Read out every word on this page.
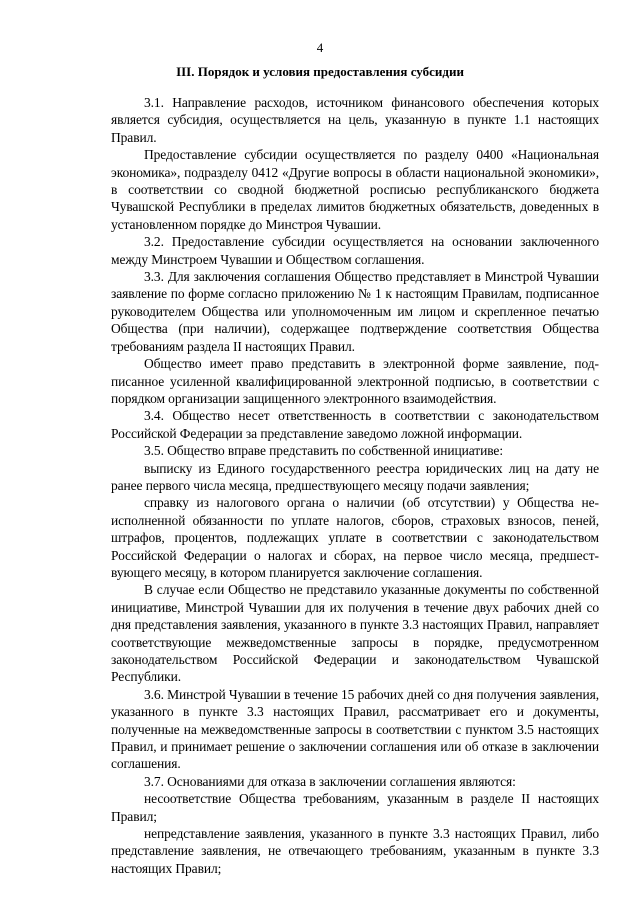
4
III. Порядок и условия предоставления субсидии

3.1. Направление расходов, источником финансового обеспечения которых является субсидия, осуществляется на цель, указанную в пункте 1.1 настоящих Правил.

Предоставление субсидии осуществляется по разделу 0400 «Национальная экономика», подразделу 0412 «Другие вопросы в области национальной экономики», в соответствии со сводной бюджетной росписью республиканского бюджета Чувашской Республики в пределах лимитов бюджетных обязательств, доведенных в установленном порядке до Минстроя Чувашии.

3.2. Предоставление субсидии осуществляется на основании заключенного между Минстроем Чувашии и Обществом соглашения.

3.3. Для заключения соглашения Общество представляет в Минстрой Чувашии заявление по форме согласно приложению № 1 к настоящим Правилам, подписанное руководителем Общества или уполномоченным им лицом и скрепленное печатью Общества (при наличии), содержащее подтверждение соответствия Общества требованиям раздела II настоящих Правил.

Общество имеет право представить в электронной форме заявление, подписанное усиленной квалифицированной электронной подписью, в соответствии с порядком организации защищенного электронного взаимодействия.

3.4. Общество несет ответственность в соответствии с законодательством Российской Федерации за представление заведомо ложной информации.

3.5. Общество вправе представить по собственной инициативе:

выписку из Единого государственного реестра юридических лиц на дату не ранее первого числа месяца, предшествующего месяцу подачи заявления;

справку из налогового органа о наличии (об отсутствии) у Общества неисполненной обязанности по уплате налогов, сборов, страховых взносов, пеней, штрафов, процентов, подлежащих уплате в соответствии с законодательством Российской Федерации о налогах и сборах, на первое число месяца, предшествующего месяцу, в котором планируется заключение соглашения.

В случае если Общество не представило указанные документы по собственной инициативе, Минстрой Чувашии для их получения в течение двух рабочих дней со дня представления заявления, указанного в пункте 3.3 настоящих Правил, направляет соответствующие межведомственные запросы в порядке, предусмотренном законодательством Российской Федерации и законодательством Чувашской Республики.

3.6. Минстрой Чувашии в течение 15 рабочих дней со дня получения заявления, указанного в пункте 3.3 настоящих Правил, рассматривает его и документы, полученные на межведомственные запросы в соответствии с пунктом 3.5 настоящих Правил, и принимает решение о заключении соглашения или об отказе в заключении соглашения.

3.7. Основаниями для отказа в заключении соглашения являются:

несоответствие Общества требованиям, указанным в разделе II настоящих Правил;

непредставление заявления, указанного в пункте 3.3 настоящих Правил, либо представление заявления, не отвечающего требованиям, указанным в пункте 3.3 настоящих Правил;
